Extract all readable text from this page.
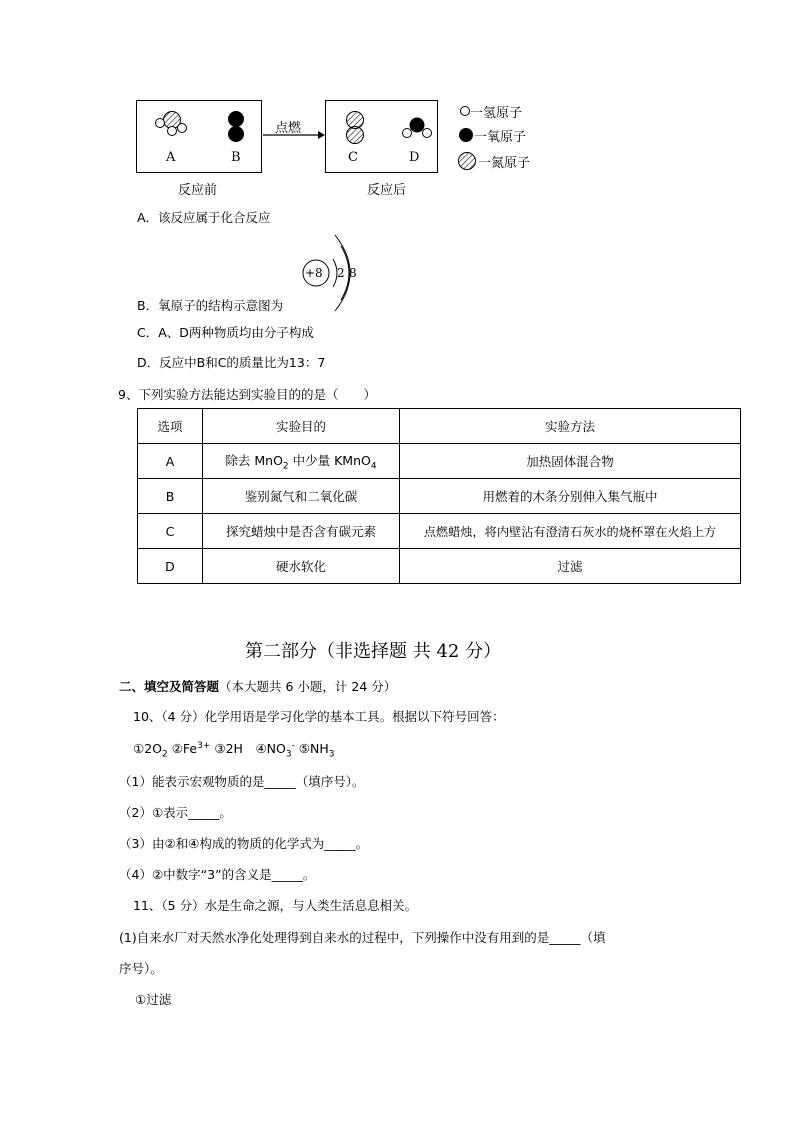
点燃
A	B	C	D
反应前	反应后
一氢原子
一氧原子
一氮原子
A．该反应属于化合反应
+8 2 8
B．氧原子的结构示意图为
C．A、D两种物质均由分子构成
D．反应中B和C的质量比为13：7
9、下列实验方法能达到实验目的的是（　　）
选项	实验目的	实验方法
A	除去 MnO$_2$ 中少量 KMnO$_4$	加热固体混合物
B	鉴别氮气和二氧化碳	用燃着的木条分别伸入集气瓶中
C	探究蜡烛中是否含有碳元素	点燃蜡烛，将内壁沾有澄清石灰水的烧杯罩在火焰上方
D	硬水软化	过滤
第二部分（非选择题 共 42 分）
二、填空及简答题（本大题共 6 小题，计 24 分）
10、（4 分）化学用语是学习化学的基本工具。根据以下符号回答：
$①2O_2$ $②Fe^{3+}$ ③2H　$④NO_3^-$ $⑤NH_3$
（1）能表示宏观物质的是_____（填序号）。
（2）①表示_____。
（3）由②和④构成的物质的化学式为_____。
（4）②中数字“3”的含义是_____。
11、（5 分）水是生命之源，与人类生活息息相关。
(1)自来水厂对天然水净化处理得到自来水的过程中，下列操作中没有用到的是_____（填
序号）。
①过滤
